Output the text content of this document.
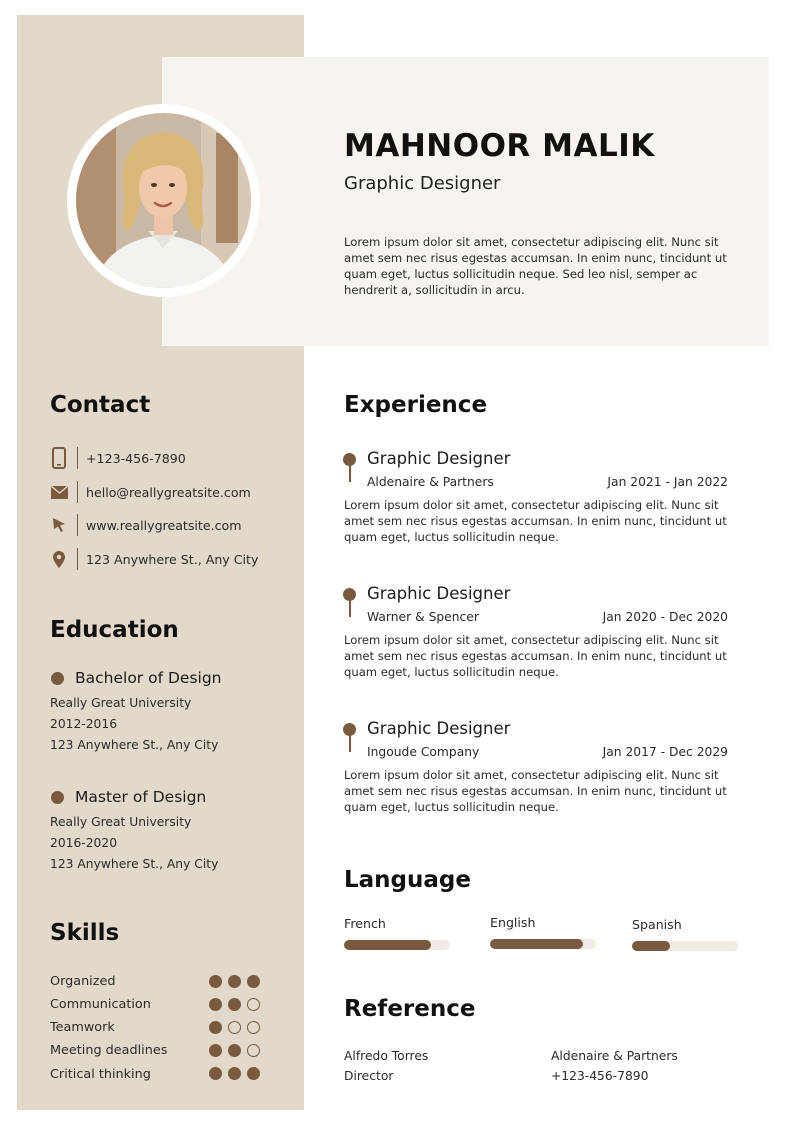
MAHNOOR MALIK
Graphic Designer

Lorem ipsum dolor sit amet, consectetur adipiscing elit. Nunc sit amet sem nec risus egestas accumsan. In enim nunc, tincidunt ut quam eget, luctus sollicitudin neque. Sed leo nisl, semper ac hendrerit a, sollicitudin in arcu.

Contact
+123-456-7890
hello@reallygreatsite.com
www.reallygreatsite.com
123 Anywhere St., Any City
Education
Bachelor of Design
Really Great University
2012-2016
123 Anywhere St., Any City
Master of Design
Really Great University
2016-2020
123 Anywhere St., Any City
Skills
Organized
Communication
Teamwork
Meeting deadlines
Critical thinking
Experience
Graphic Designer
Aldenaire & Partners	Jan 2021 - Jan 2022

Lorem ipsum dolor sit amet, consectetur adipiscing elit. Nunc sit amet sem nec risus egestas accumsan. In enim nunc, tincidunt ut quam eget, luctus sollicitudin neque.

Graphic Designer
Warner & Spencer	Jan 2020 - Dec 2020

Lorem ipsum dolor sit amet, consectetur adipiscing elit. Nunc sit amet sem nec risus egestas accumsan. In enim nunc, tincidunt ut quam eget, luctus sollicitudin neque.

Graphic Designer
Ingoude Company	Jan 2017 - Dec 2029

Lorem ipsum dolor sit amet, consectetur adipiscing elit. Nunc sit amet sem nec risus egestas accumsan. In enim nunc, tincidunt ut quam eget, luctus sollicitudin neque.

Language
French	English	Spanish
Reference
Alfredo Torres
Director
Aldenaire & Partners
+123-456-7890
